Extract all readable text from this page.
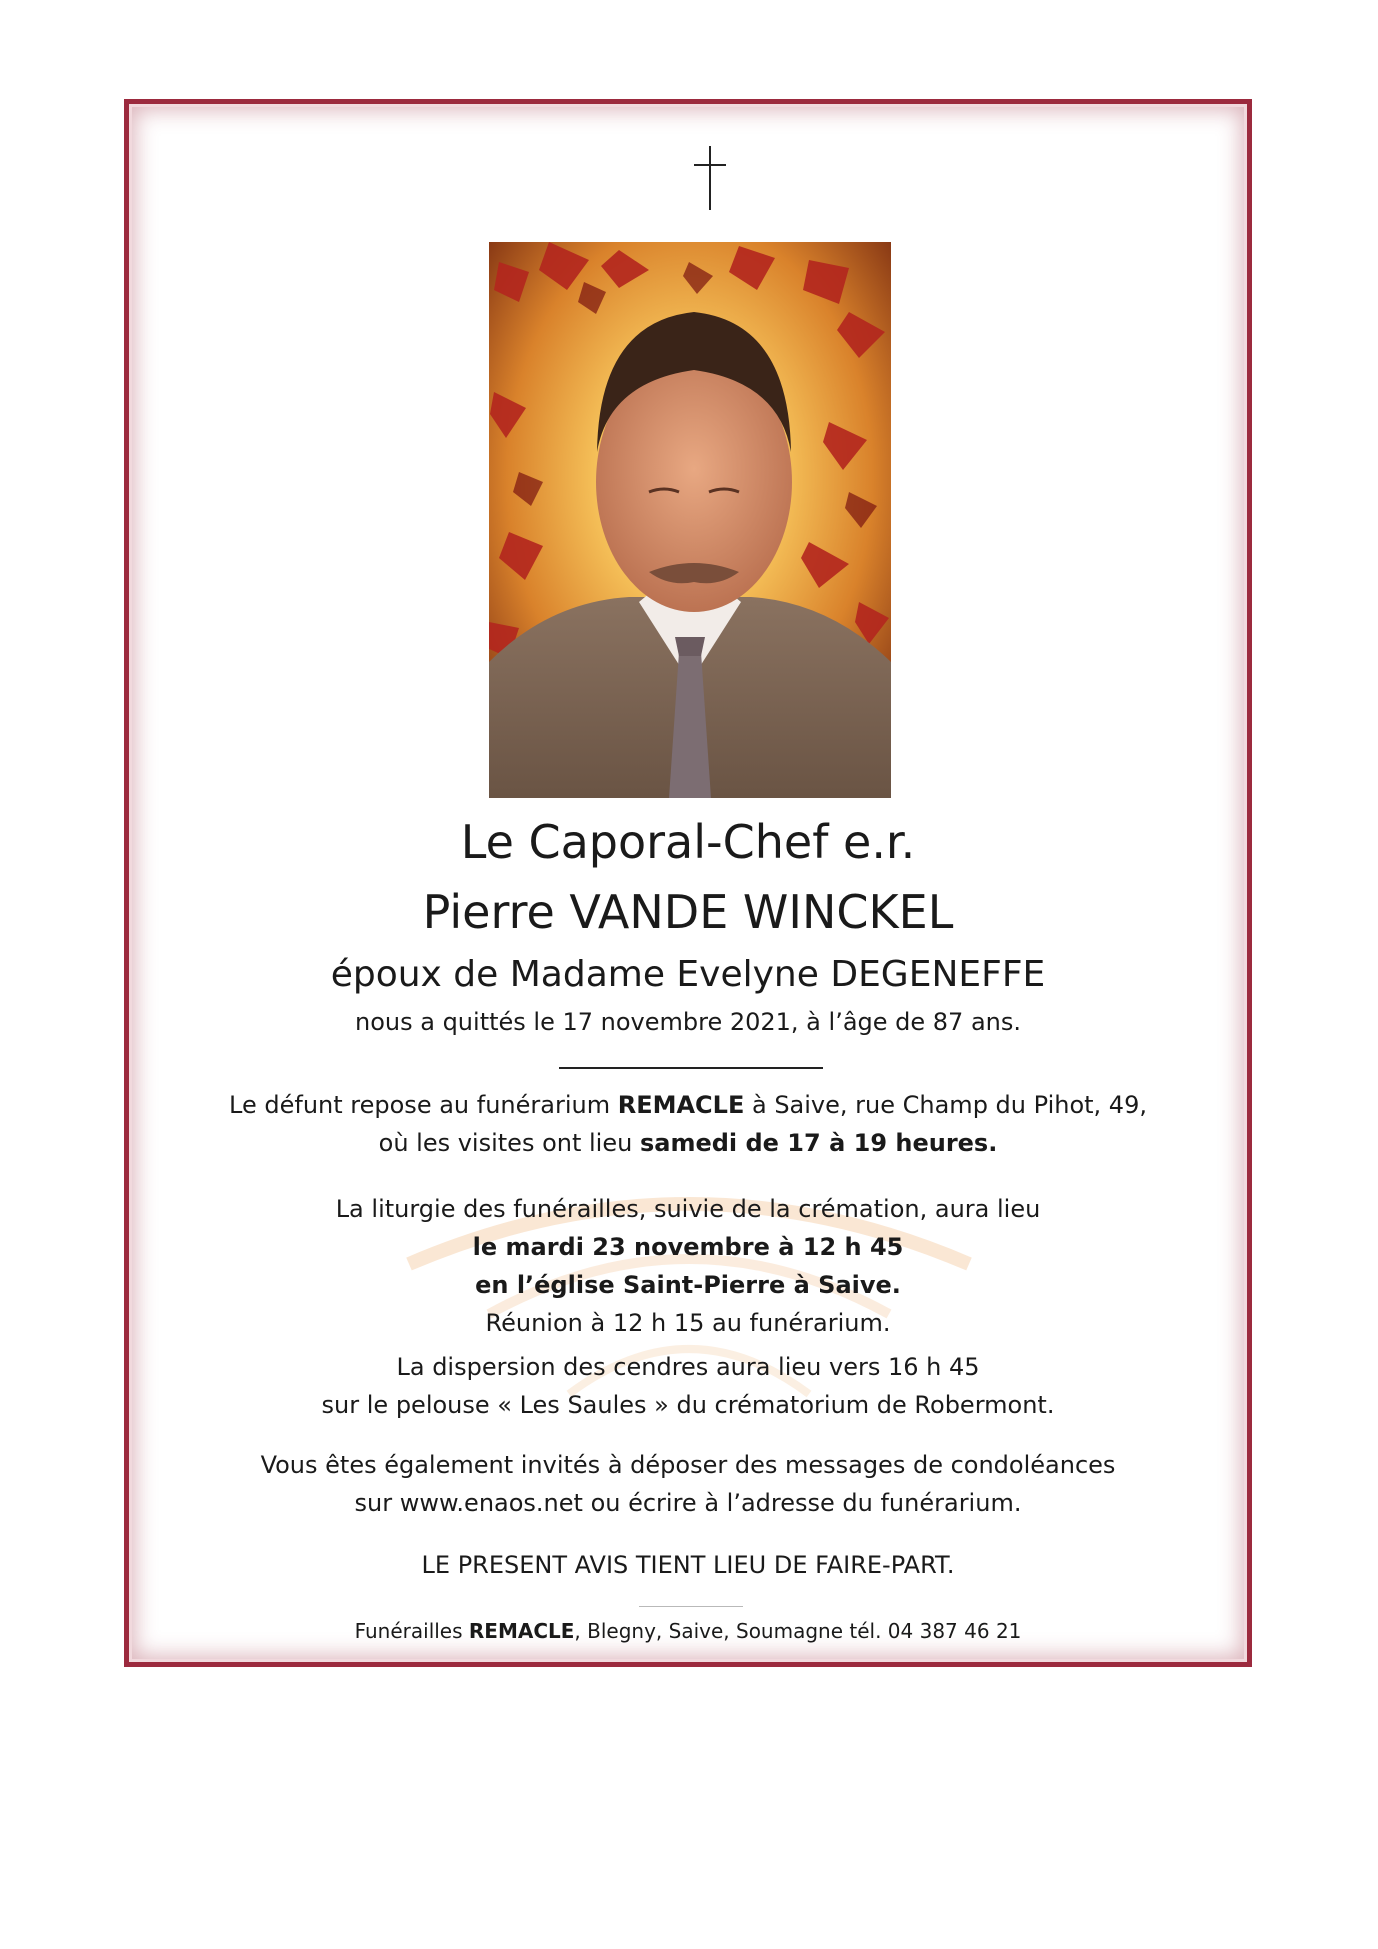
Le Caporal-Chef e.r.
Pierre VANDE WINCKEL
époux de Madame Evelyne DEGENEFFE
nous a quittés le 17 novembre 2021, à l’âge de 87 ans.
Le défunt repose au funérarium REMACLE à Saive, rue Champ du Pihot, 49,
où les visites ont lieu samedi de 17 à 19 heures.
La liturgie des funérailles, suivie de la crémation, aura lieu
le mardi 23 novembre à 12 h 45
en l’église Saint-Pierre à Saive.
Réunion à 12 h 15 au funérarium.
La dispersion des cendres aura lieu vers 16 h 45
sur le pelouse « Les Saules » du crématorium de Robermont.
Vous êtes également invités à déposer des messages de condoléances
sur www.enaos.net ou écrire à l’adresse du funérarium.
LE PRESENT AVIS TIENT LIEU DE FAIRE-PART.
Funérailles REMACLE, Blegny, Saive, Soumagne tél. 04 387 46 21
